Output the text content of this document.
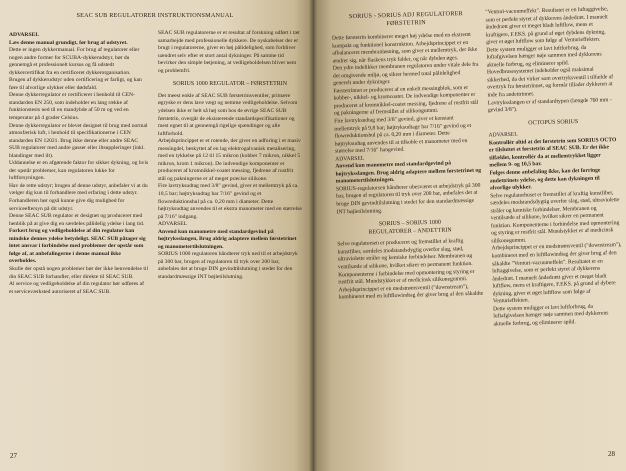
SEAC SUB REGULATORER INSTRUKTIONSMANUAL

ADVARSEL

Læs denne manual grundigt, før brug af udstyret.

Dette er ingen dykkermanual. For brug af regulatorer eller nogen andre former for SCUBA-dykkerudstyr, bør du gennemgå et professionelt kursus og få udstedt dykkercertifikat fra en certificeret dykkerorganisation.

Brugen af dykkerudstyr uden certificering er farligt, og kan føre til alvorlige ulykker eller dødsfald.

Denne dykkerregulator er certificeret i henhold til CEN-standarden EN 250, som indeholder en lang række af funktionstests ned til en mandybde af 50 m og ved en temperatur på 4 grader Celsius.

Denne dykkerregulator er blevet designet til brug med normal atmosfærisk luft, i henhold til specifikationerne i CEN standarden EN 12021. Brug ikke denne eller andre SEAC SUB regulatorer med andre gasser eller iltsuppleringer (inkl. blandinger med ilt).

Uddannelse er en afgørende faktor for sikker dykning, og hvis der opstår problemer, kan regulatoren lukke for luftforsyningen.

Hav de rette udstyr; brugen af denne udstyr, anbefaler vi at du vælger dig kun til forhandlere med erfaring i dette udstyr. Forhandleren bør også kunne give dig mulighed for serviceeftersyn på dit udstyr.

Denne SEAC SUB regulator er designet og produceret med henblik på at give dig en særdeles pålidelig ydelse i lang tid.

Forkert brug og vedligeholdelse af din regulator kan mindske dennes ydelse betydeligt. SEAC SUB påtager sig intet ansvar i forbindelse med problemer der opstår som følge af, at anbefalingerne i denne manual ikke overholdes.

Skulle der opstå nogen problemer bør der ikke henvendelse til din SEAC SUB forhandler, eller direkte til SEAC SUB.

Al service og vedligeholdelse af din regulator bør udføres af et serviceværksted autoriseret af SEAC SUB.

SEAC SUB regulatorerne er et resultat af forskning udført i tæt samarbejde med professionelle dykkere. De nyskabelser der er brugt i regulatorerne, giver en høj pålidelighed, som forbliver uændret selv efter et stort antal dykninger. På samme tid bevirker den simple betjening, at vedligeholdelsen bliver nem og problemfri.

SORIUS 1000 REGULATOR – FØRSTETRIN

Det meest enkle af SEAC SUB førstetrinsventiler, primære øgryske er dens lave vægt og nemme vedligeholdelse. Selvom ydelsen ikke er helt så høj som hos de øvrige SEAC SUB førstetrin, overgår de eksisterende standardspecifikationer og mest egnet til at gennemgå rigelige spændinger og alle luftforhold.

Arbejdsprincippet er et rotende, der giver en adforing i et masiv messingdel, beskyttet af en lag elektrogalvanisk metalisering, med en tykkelse på 12 til 15 mikron (kobber 7 mikron, nikkel 5 mikron, krom 1 mikron). De indvendige komponenter er produceret af kromnikkel-coatet messing, fjedrene af rustfrit stål og pakningerne er af meget præcise silikone.

Fire lavtryksudtag med 3/8" gevind, giver et mellemtryk på ca. 10,5 bar; højtryksudtag har 7/16" gevind og et flowreduktionshul på ca. 0,20 mm i diameter. Dette højtryksudtag anvendes til et ekstra manometer med en størrelse på 7/16" indgang.

ADVARSEL

Anvend kun manometre med standardgevind på højtryksslangen, Brug aldrig adaptere mellem førstetrinet og manometertilslutningen.

SORIUS 1000 regulatoren håndterer tryk ned til et arbejdstryk på 300 bar, brugen af regulatoren til tryk over 200 bar, anbefales det at bruge DIN gevindtilslutning i stedet for den standardmæssige INT bøjletilslutning.

27
SORIUS - SORIUS ADJ REGULATORER
FØRSTETRIN

Dette førstetrin kombinerer meget høj ydelse med en ekstremt kompakt og funktionel konstruktion. Arbejdsprincippet er en afbalanceret membranløsning, som giver et mellemtryk, der ikke ændrer sig, når flaskens tryk falder, og når dybden øges.

Den ydre indelikker membranen regulatoren under vitale dele fra det omgivende miljø, og sikrer hermed total pålidelighed generelt under dykninger.

Førstetrinnet er produceret af en enkelt messingblok, som er kobber-, nikkel- og kromcoatet. De indvendige komponenter er produceret af kromnikkel-coatet messing, fjedrene af rustfrit stål og pakningerne af fremstillet af silikongummi.

Fire lavtryksudtag med 3/8" gevind, giver et konstant mellemtryk på 9,8 bar; højtryksudtage har 7/16" gevind og et flowreduktionshul på ca. 0,20 mm i diameter. Dette højtryksudtag anvendes til at tilkoble et manometer med en størrelse med 7/16" hangevind.

ADVARSEL

Anvend kun manometre med standardgevind på højtryksslangen. Brug aldrig adaptere mellem førstetrinet og manometertilslutningen.

SORIUS-regulatorsen håndterer ubesværet et arbejdstryk på 300 bar, brugen af regulatoren til tryk over 200 bar, anbefales det at bruge DIN gevindtilslutning i stedet for den standardmæssige INT bøjletilslutning.

SORIUS – SORIUS 1000
REGULATORER – ANDETTRIN

Selve regulatorsen er produceret og fremstillet af kraftig kunstfiber, særdeles modstandsdygtig overfor slag, stød, ultraviolette stråler og kemiske forbindelser. Membranen og ventilsæde af silikone, hvilket sikrer en permanent funktion. Komponenterne i forbindelse med opmontering og styring er rustfrit stål. Mundstykket er af medicinsk silikonegummi.

Arbejdsprincippet er en medstrømsventil ("downstream"), kombineret med en luftflowindtag der giver brug af den såkaldte

"Venturi-vacuumeffekt". Resultatet er en luftaggivelse, som er perfekt styret af dykkerens åndedræt. I manuelt åndedrætt giver et meget bladt luftflow, mens et kraftigere, F.EKS. på grund af øget dybdens dykning, giver et øget luftflow som følge af Venturieffekten.

Dette system muligger et lavt luftforbrug, da luftafgivelsen hænger nøje sammen med dykkerens aktuelle forbrug, og eliminerer spild.

Hovedbrusesystemet indeholder også maksimal sikkerhed, da det virker som overtryksventil i tilfælde af overtryk fra førstetrinnet, og formår tillader dykkeren at inde fra andettrinnet.

Lavtryksslangen er af standardtypen (længde 760 mm - gevind 3/8").

OCTOPUS SORIUS

ADVARSEL

Kontrollér altid at det førstetrin som SORIUS OCTO er tilsluttet et førstetrin af SEAC SUB. Er det ikke tilfældet, kontrollér da at mellemtrykket ligger mellem 9- og 10,5 bar.

Følges denne anbefaling ikke, kan det forringe andettrinets ydelse, og dette kan dykningen til alvorlige ulykker.

Selve regulatorhuset er fremstillet af kraftig kunstfiber, særdeles modstandsdygtig overfor slag, stød, ultraviolette stråler og kemiske forbindelser. Membranen og ventilsæde af silikone, hvilket sikrer en permanent funktion. Komponenterne i forbindelse med opmontering og styring er rustfrit stål. Mundstykket er af medicinsk silikonegummi.

Arbejdsprincippet er en medstrømsventil ("downstream"), kombineret med en luftflowindtag der giver brug af den såkaldte "Venturi-vacuumeffekt". Resultatet er en luftaggivelse, som er perfekt styret af dykkerens åndedræt. I manuelt åndedrætt giver et meget bladt luftflow, mens et kraftigere, F.EKS. på grund af dybere dykning, giver et øget luftflow som følge af Venturieffekten.

Dette system muligger et lavt luftforbrug, da luftafgivelsen hænger nøje sammen med dykkerens aktuelle forbrug, og eliminerer spild.

28
